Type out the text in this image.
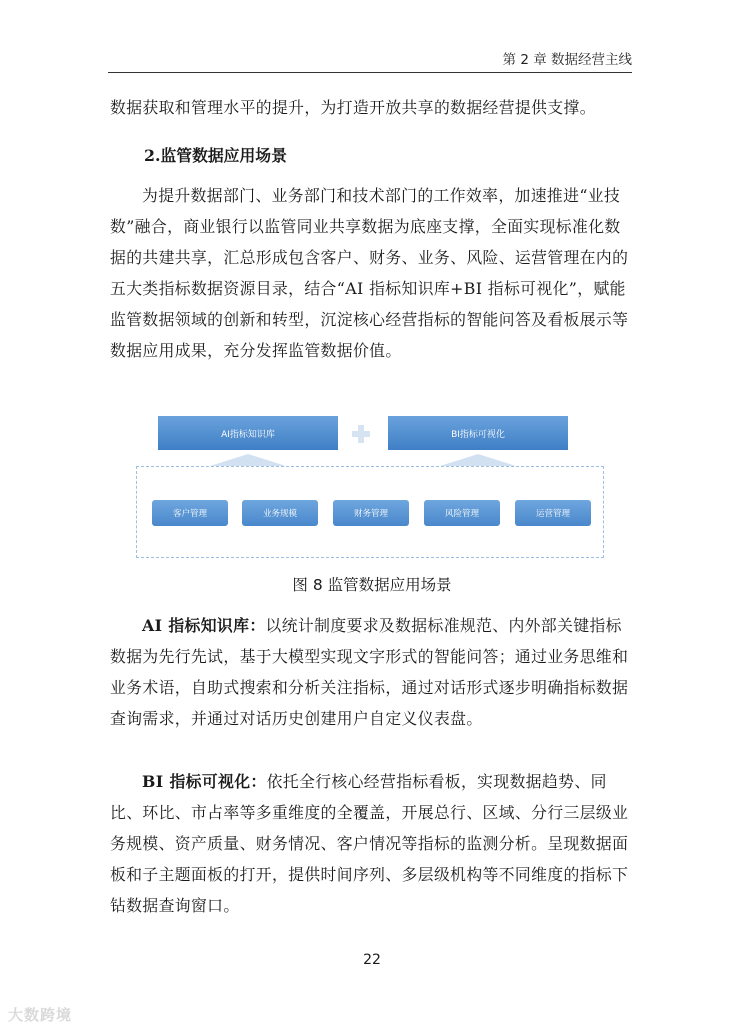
第 2 章 数据经营主线

数据获取和管理水平的提升，为打造开放共享的数据经营提供支撑。

2.监管数据应用场景

为提升数据部门、业务部门和技术部门的工作效率，加速推进“业技数”融合，商业银行以监管同业共享数据为底座支撑，全面实现标准化数据的共建共享，汇总形成包含客户、财务、业务、风险、运营管理在内的五大类指标数据资源目录，结合“AI 指标知识库+BI 指标可视化”，赋能监管数据领域的创新和转型，沉淀核心经营指标的智能问答及看板展示等数据应用成果，充分发挥监管数据价值。

AI指标知识库	BI指标可视化
客户管理	业务规模	财务管理	风险管理	运营管理
图 8 监管数据应用场景

AI 指标知识库：以统计制度要求及数据标准规范、内外部关键指标数据为先行先试，基于大模型实现文字形式的智能问答；通过业务思维和业务术语，自助式搜索和分析关注指标，通过对话形式逐步明确指标数据查询需求，并通过对话历史创建用户自定义仪表盘。

BI 指标可视化：依托全行核心经营指标看板，实现数据趋势、同比、环比、市占率等多重维度的全覆盖，开展总行、区域、分行三层级业务规模、资产质量、财务情况、客户情况等指标的监测分析。呈现数据面板和子主题面板的打开，提供时间序列、多层级机构等不同维度的指标下钻数据查询窗口。

22
大数跨境
